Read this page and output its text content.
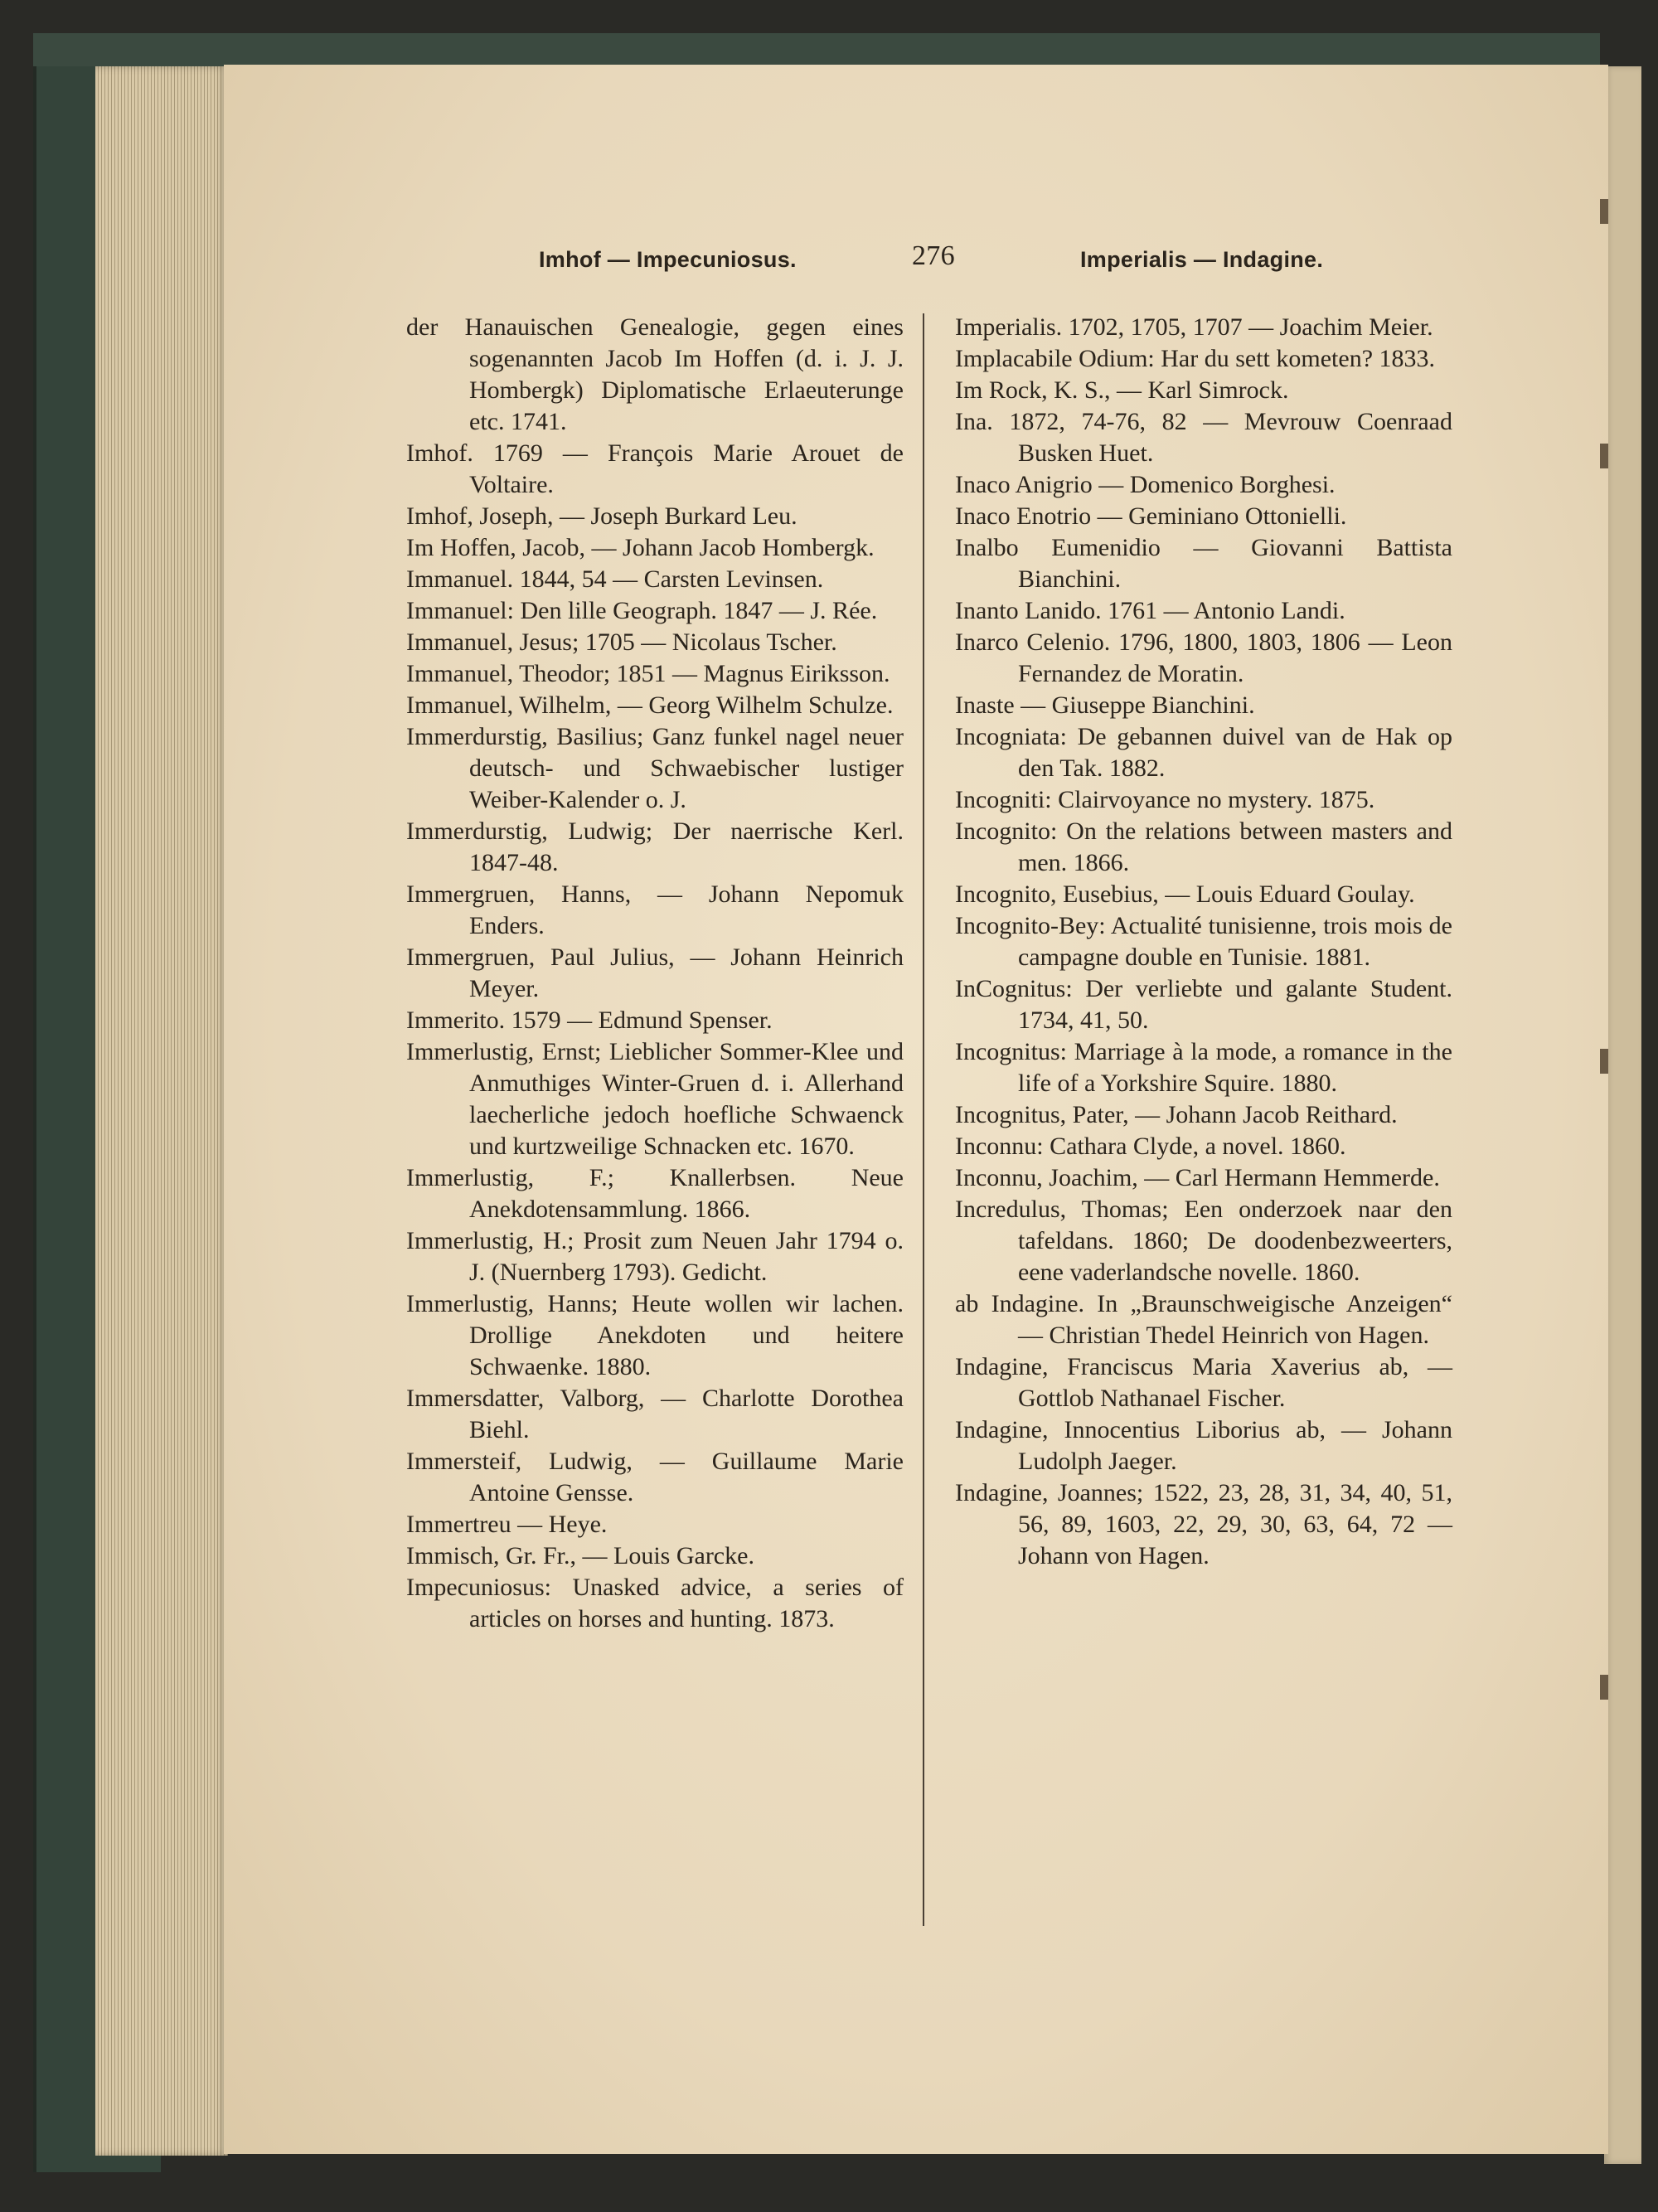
Imhof — Impecuniosus.	276	Imperialis — Indagine.
der Hanauischen Genealogie, gegen eines sogenannten Jacob Im Hoffen (d. i. J. J. Hombergk) Diplomatische Erlaeuterunge etc. 1741.
Imhof. 1769 — François Marie Arouet de Voltaire.
Imhof, Joseph, — Joseph Burkard Leu.
Im Hoffen, Jacob, — Johann Jacob Hombergk.
Immanuel. 1844, 54 — Carsten Levinsen.
Immanuel: Den lille Geograph. 1847 — J. Rée.
Immanuel, Jesus; 1705 — Nicolaus Tscher.
Immanuel, Theodor; 1851 — Magnus Eiriksson.
Immanuel, Wilhelm, — Georg Wilhelm Schulze.
Immerdurstig, Basilius; Ganz funkel nagel neuer deutsch- und Schwaebischer lustiger Weiber-Kalender o. J.
Immerdurstig, Ludwig; Der naerrische Kerl. 1847-48.
Immergruen, Hanns, — Johann Nepomuk Enders.
Immergruen, Paul Julius, — Johann Heinrich Meyer.
Immerito. 1579 — Edmund Spenser.
Immerlustig, Ernst; Lieblicher Sommer-Klee und Anmuthiges Winter-Gruen d. i. Allerhand laecherliche jedoch hoefliche Schwaenck und kurtzweilige Schnacken etc. 1670.
Immerlustig, F.; Knallerbsen. Neue Anekdotensammlung. 1866.
Immerlustig, H.; Prosit zum Neuen Jahr 1794 o. J. (Nuernberg 1793). Gedicht.
Immerlustig, Hanns; Heute wollen wir lachen. Drollige Anekdoten und heitere Schwaenke. 1880.
Immersdatter, Valborg, — Charlotte Dorothea Biehl.
Immersteif, Ludwig, — Guillaume Marie Antoine Gensse.
Immertreu — Heye.
Immisch, Gr. Fr., — Louis Garcke.
Impecuniosus: Unasked advice, a series of articles on horses and hunting. 1873.
Imperialis. 1702, 1705, 1707 — Joachim Meier.
Implacabile Odium: Har du sett kometen? 1833.
Im Rock, K. S., — Karl Simrock.
Ina. 1872, 74-76, 82 — Mevrouw Coenraad Busken Huet.
Inaco Anigrio — Domenico Borghesi.
Inaco Enotrio — Geminiano Ottonielli.
Inalbo Eumenidio — Giovanni Battista Bianchini.
Inanto Lanido. 1761 — Antonio Landi.
Inarco Celenio. 1796, 1800, 1803, 1806 — Leon Fernandez de Moratin.
Inaste — Giuseppe Bianchini.
Incogniata: De gebannen duivel van de Hak op den Tak. 1882.
Incogniti: Clairvoyance no mystery. 1875.
Incognito: On the relations between masters and men. 1866.
Incognito, Eusebius, — Louis Eduard Goulay.
Incognito-Bey: Actualité tunisienne, trois mois de campagne double en Tunisie. 1881.
InCognitus: Der verliebte und galante Student. 1734, 41, 50.
Incognitus: Marriage à la mode, a romance in the life of a Yorkshire Squire. 1880.
Incognitus, Pater, — Johann Jacob Reithard.
Inconnu: Cathara Clyde, a novel. 1860.
Inconnu, Joachim, — Carl Hermann Hemmerde.
Incredulus, Thomas; Een onderzoek naar den tafeldans. 1860; De doodenbezweerters, eene vaderlandsche novelle. 1860.
ab Indagine. In „Braunschweigische Anzeigen“ — Christian Thedel Heinrich von Hagen.
Indagine, Franciscus Maria Xaverius ab, — Gottlob Nathanael Fischer.
Indagine, Innocentius Liborius ab, — Johann Ludolph Jaeger.
Indagine, Joannes; 1522, 23, 28, 31, 34, 40, 51, 56, 89, 1603, 22, 29, 30, 63, 64, 72 — Johann von Hagen.
